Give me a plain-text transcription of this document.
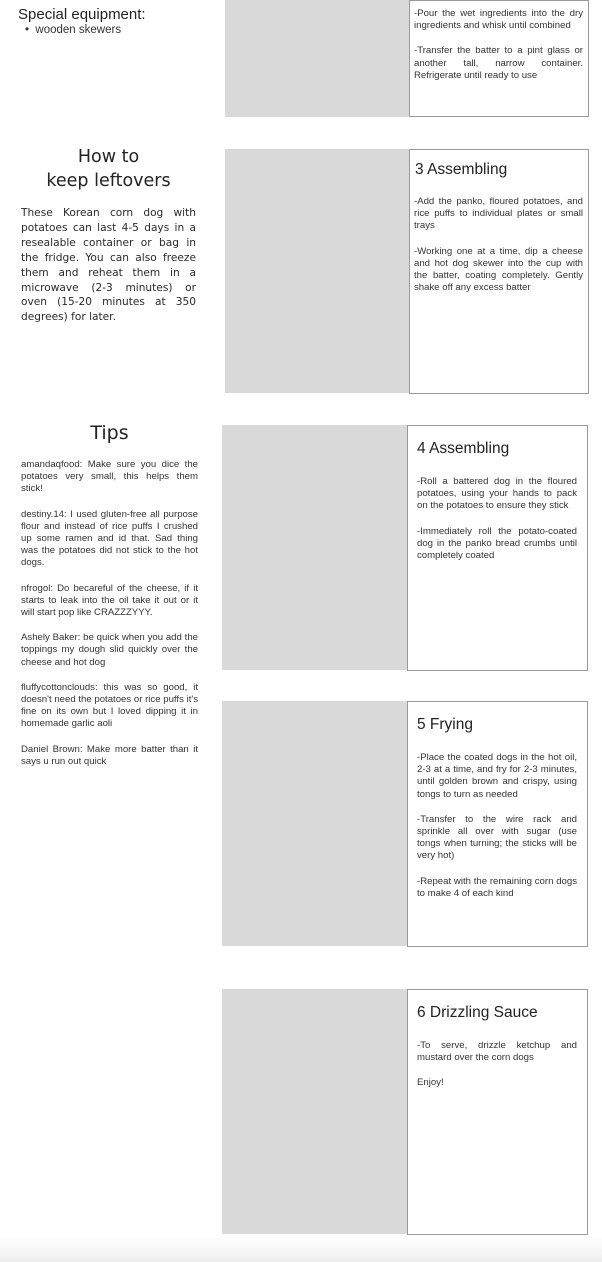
Special equipment:
• wooden skewers
How to
keep leftovers
These Korean corn dog with potatoes can last 4-5 days in a resealable container or bag in the fridge. You can also freeze them and reheat them in a microwave (2-3 minutes) or oven (15-20 minutes at 350 degrees) for later.
Tips

amandaqfood: Make sure you dice the potatoes very small, this helps them stick!

destiny.14: I used gluten-free all purpose flour and instead of rice puffs I crushed up some ramen and id that. Sad thing was the potatoes did not stick to the hot dogs.

nfrogol: Do becareful of the cheese, if it starts to leak into the oil take it out or it will start pop like CRAZZZYYY.

Ashely Baker: be quick when you add the toppings my dough slid quickly over the cheese and hot dog

fluffycottonclouds: this was so good, it doesn't need the potatoes or rice puffs it's fine on its own but I loved dipping it in homemade garlic aoli

Daniel Brown: Make more batter than it says u run out quick

-Pour the wet ingredients into the dry ingredients and whisk until combined

-Transfer the batter to a pint glass or another tall, narrow container. Refrigerate until ready to use

3 Assembling

-Add the panko, floured potatoes, and rice puffs to individual plates or small trays

-Working one at a time, dip a cheese and hot dog skewer into the cup with the batter, coating completely. Gently shake off any excess batter

4 Assembling

-Roll a battered dog in the floured potatoes, using your hands to pack on the potatoes to ensure they stick

-Immediately roll the potato-coated dog in the panko bread crumbs until completely coated

5 Frying

-Place the coated dogs in the hot oil, 2-3 at a time, and fry for 2-3 minutes, until golden brown and crispy, using tongs to turn as needed

-Transfer to the wire rack and sprinkle all over with sugar (use tongs when turning; the sticks will be very hot)

-Repeat with the remaining corn dogs to make 4 of each kind

6 Drizzling Sauce

-To serve, drizzle ketchup and mustard over the corn dogs

Enjoy!
